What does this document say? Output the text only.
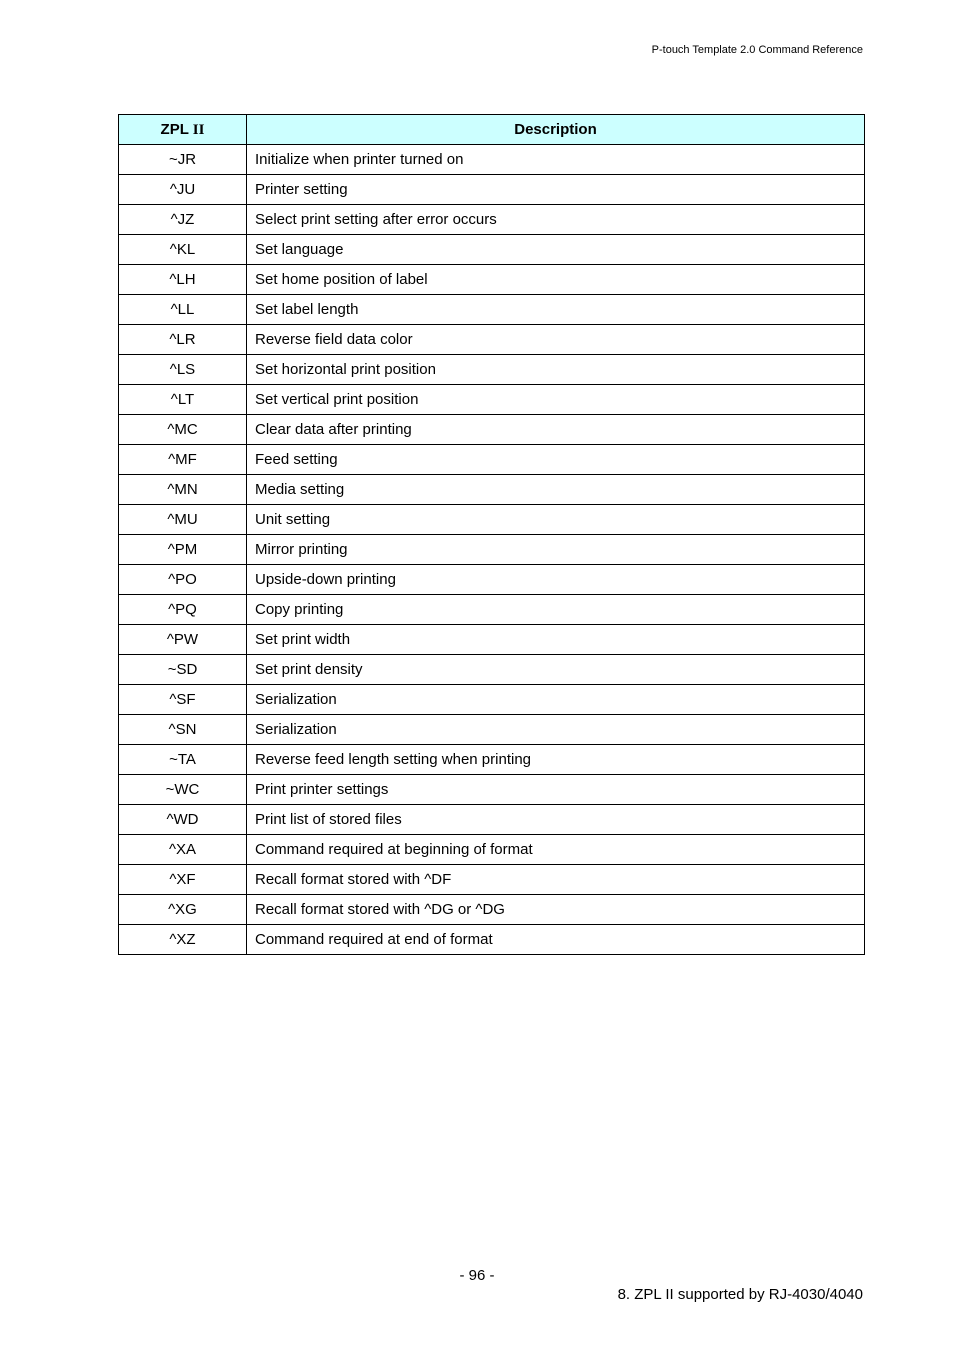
P-touch Template 2.0 Command Reference
ZPL II	Description
~JR	Initialize when printer turned on
^JU	Printer setting
^JZ	Select print setting after error occurs
^KL	Set language
^LH	Set home position of label
^LL	Set label length
^LR	Reverse field data color
^LS	Set horizontal print position
^LT	Set vertical print position
^MC	Clear data after printing
^MF	Feed setting
^MN	Media setting
^MU	Unit setting
^PM	Mirror printing
^PO	Upside-down printing
^PQ	Copy printing
^PW	Set print width
~SD	Set print density
^SF	Serialization
^SN	Serialization
~TA	Reverse feed length setting when printing
~WC	Print printer settings
^WD	Print list of stored files
^XA	Command required at beginning of format
^XF	Recall format stored with ^DF
^XG	Recall format stored with ^DG or ^DG
^XZ	Command required at end of format
- 96 -
8. ZPL II supported by RJ-4030/4040
